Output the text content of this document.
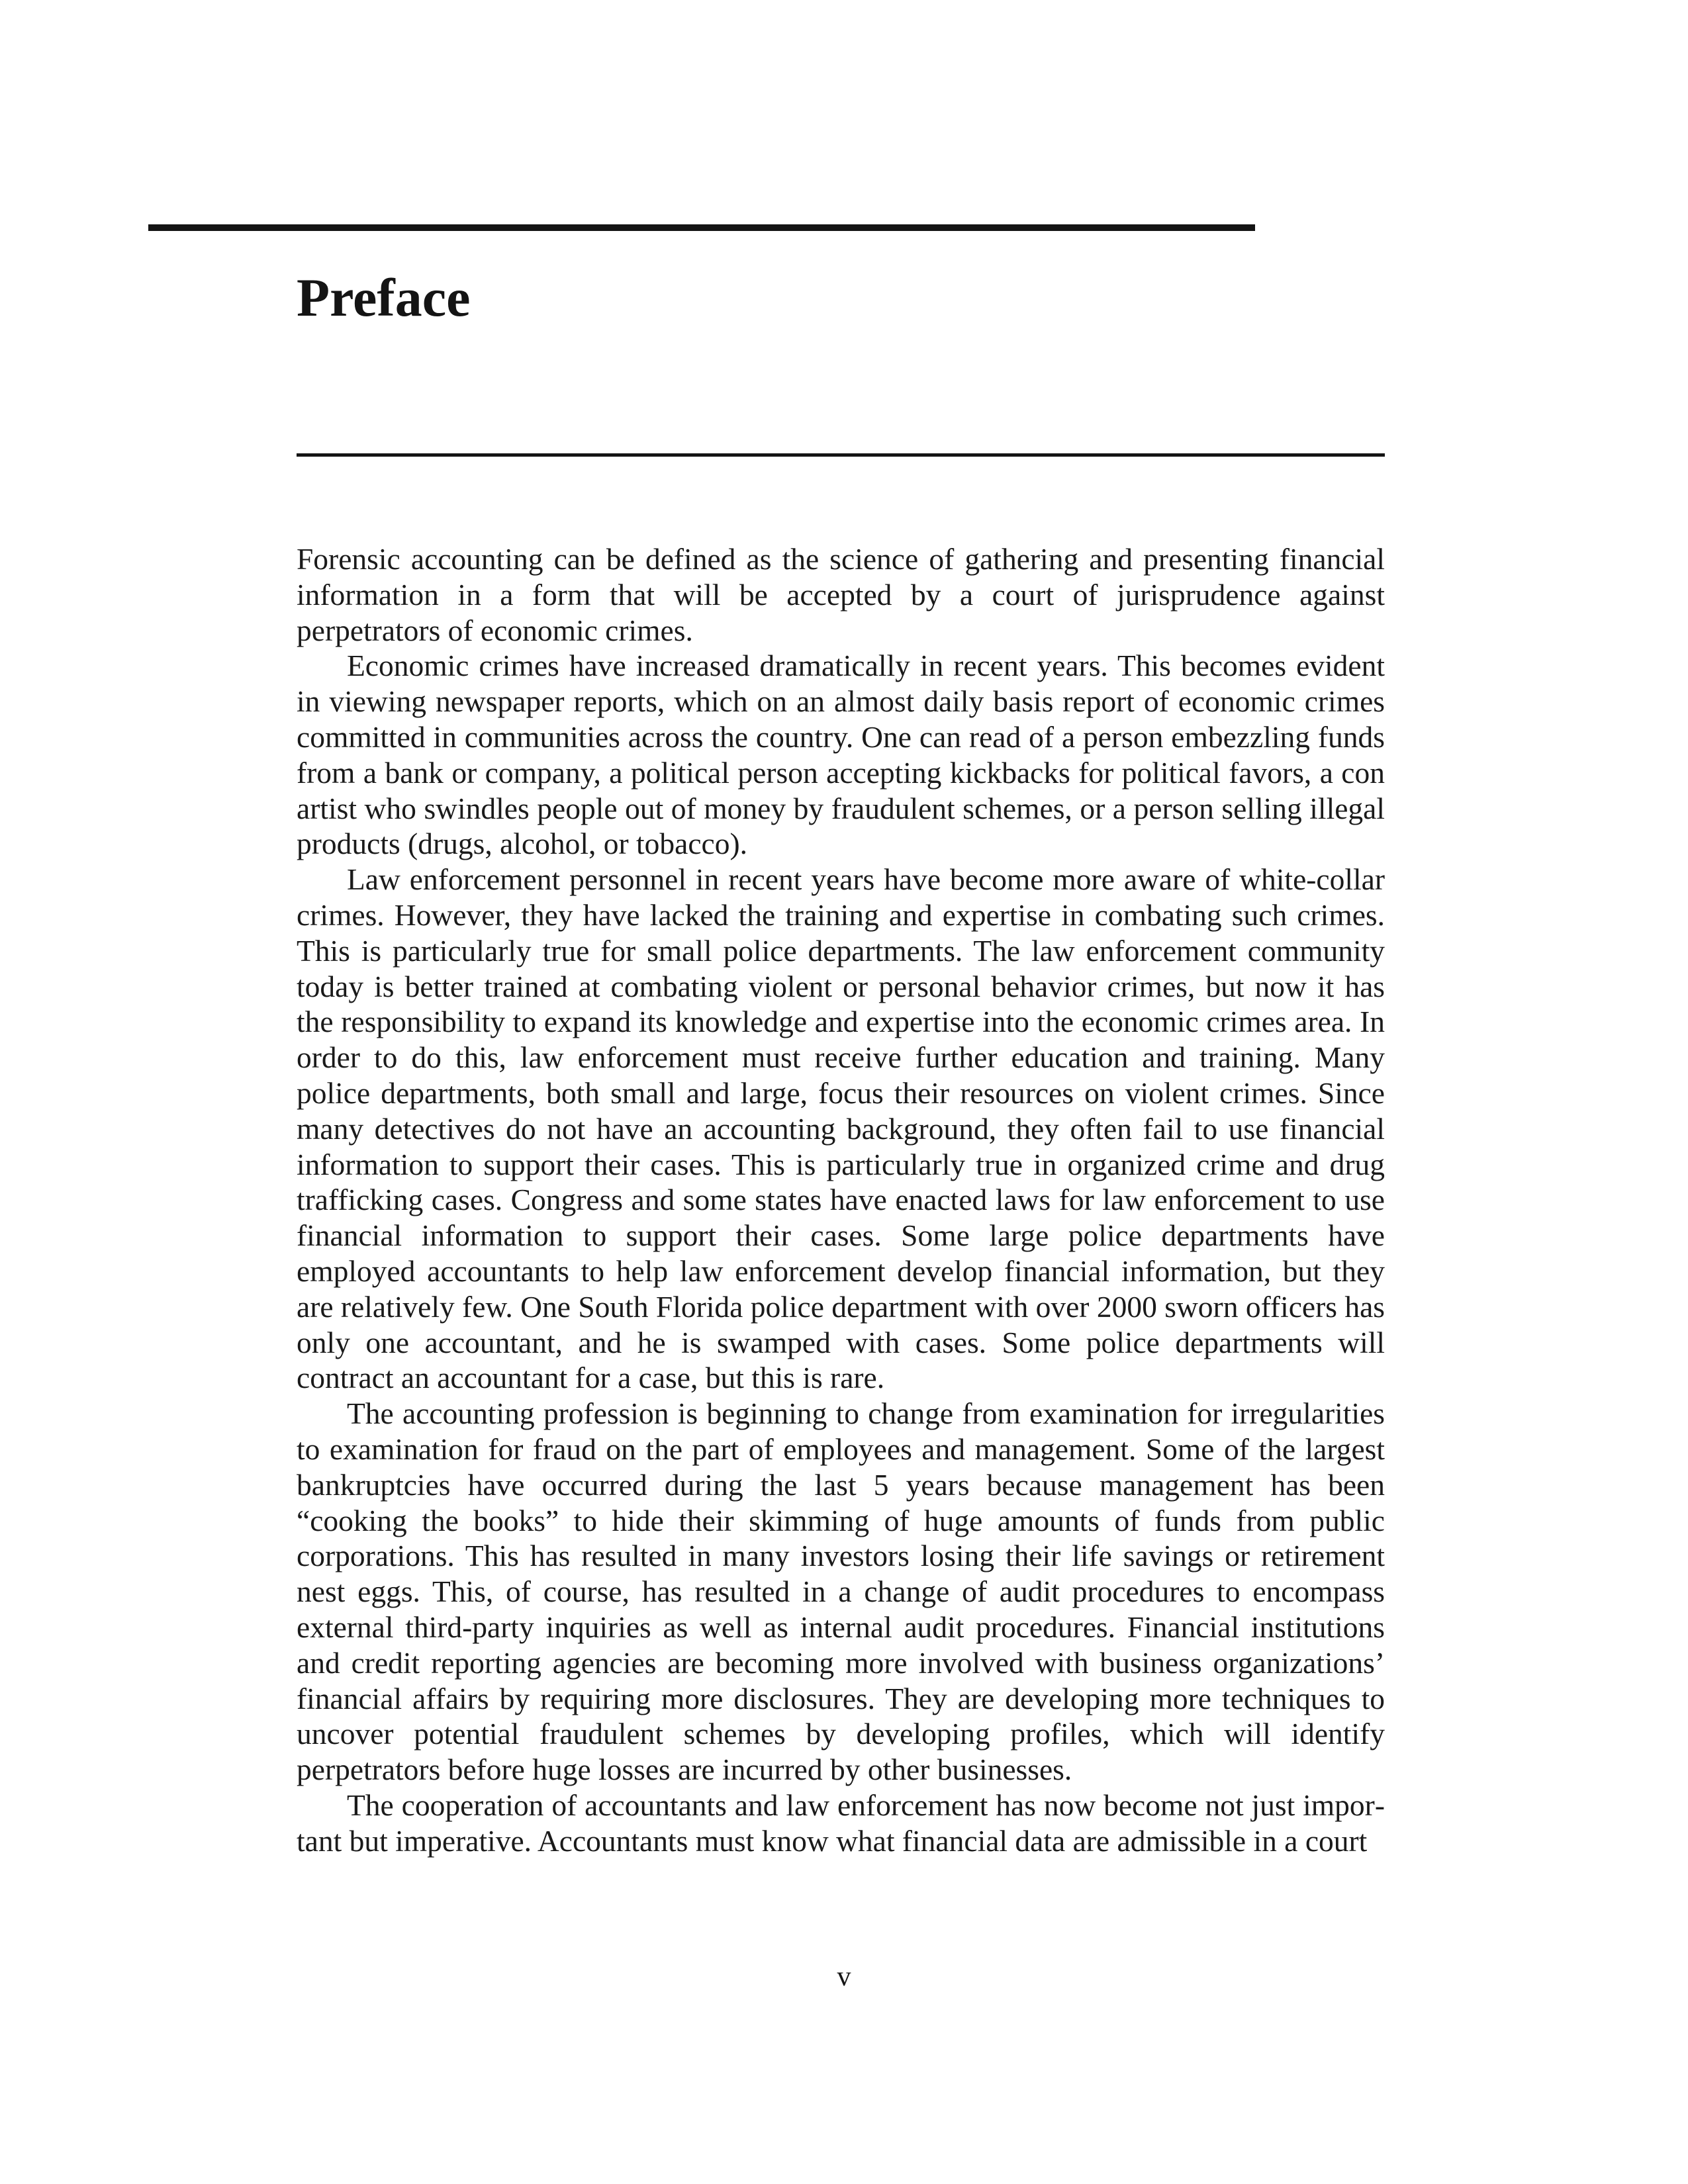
Preface

Forensic accounting can be defined as the science of gathering and presenting financial information in a form that will be accepted by a court of jurisprudence against perpetrators of economic crimes.

Economic crimes have increased dramatically in recent years. This becomes evident in viewing newspaper reports, which on an almost daily basis report of economic crimes committed in communities across the country. One can read of a person embezzling funds from a bank or company, a political person accepting kickbacks for political favors, a con artist who swindles people out of money by fraudulent schemes, or a person selling illegal products (drugs, alcohol, or tobacco).

Law enforcement personnel in recent years have become more aware of white-collar crimes. However, they have lacked the training and expertise in combating such crimes. This is particularly true for small police departments. The law enforcement community today is better trained at combating violent or personal behavior crimes, but now it has the responsibility to expand its knowledge and expertise into the economic crimes area. In order to do this, law enforcement must receive further education and training. Many police departments, both small and large, focus their resources on violent crimes. Since many detectives do not have an accounting background, they often fail to use financial information to support their cases. This is particularly true in organized crime and drug trafficking cases. Congress and some states have enacted laws for law enforcement to use financial information to support their cases. Some large police departments have employed accountants to help law enforcement develop financial information, but they are relatively few. One South Florida police department with over 2000 sworn officers has only one accountant, and he is swamped with cases. Some police departments will contract an accountant for a case, but this is rare.

The accounting profession is beginning to change from examination for irregularities to examination for fraud on the part of employees and management. Some of the largest bankruptcies have occurred during the last 5 years because management has been “cooking the books” to hide their skimming of huge amounts of funds from public corporations. This has resulted in many investors losing their life savings or retirement nest eggs. This, of course, has resulted in a change of audit procedures to encompass external third-party inquiries as well as internal audit procedures. Financial institutions and credit reporting agencies are becoming more involved with business organizations’ financial affairs by requiring more disclosures. They are developing more techniques to uncover potential fraudulent schemes by developing profiles, which will identify perpetrators before huge losses are incurred by other businesses.

The cooperation of accountants and law enforcement has now become not just important but imperative. Accountants must know what financial data are admissible in a court

v
